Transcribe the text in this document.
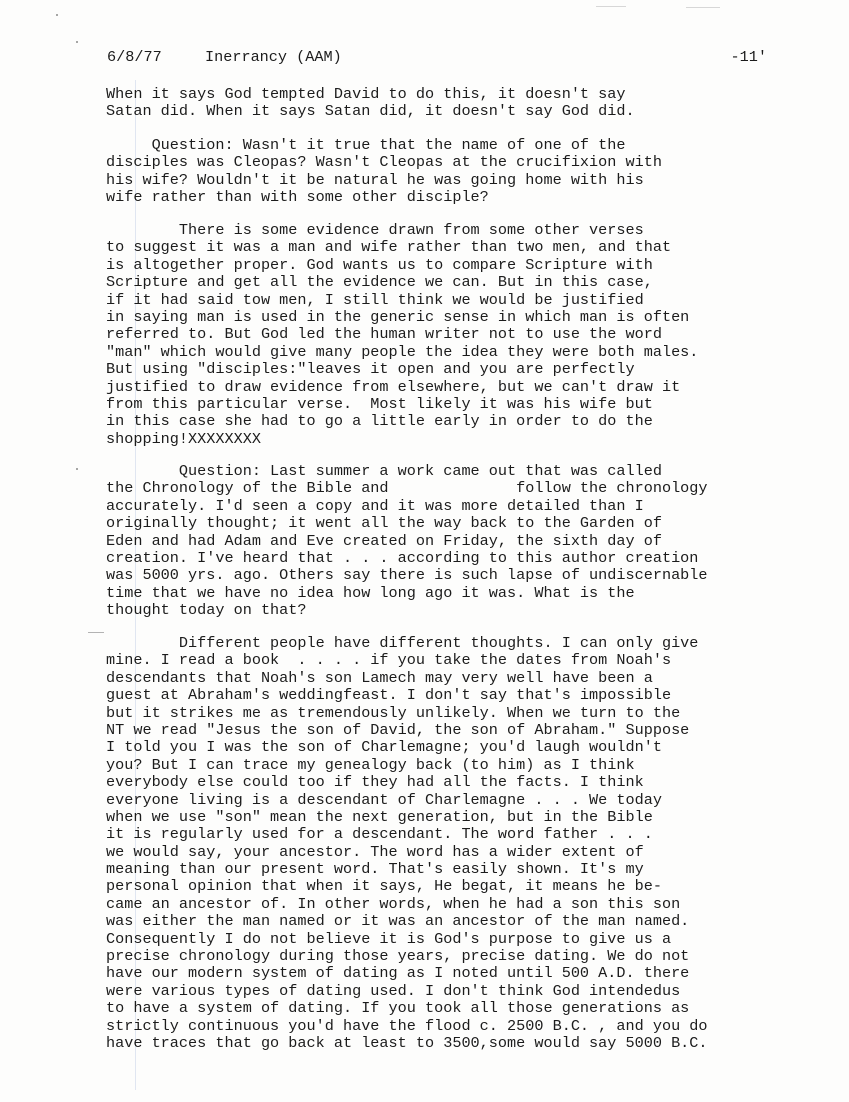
6/8/77	Inerrancy (AAM)	-11'
When it says God tempted David to do this, it doesn't say
Satan did. When it says Satan did, it doesn't say God did.
Question: Wasn't it true that the name of one of the
disciples was Cleopas? Wasn't Cleopas at the crucifixion with
his wife? Wouldn't it be natural he was going home with his
wife rather than with some other disciple?
There is some evidence drawn from some other verses
to suggest it was a man and wife rather than two men, and that
is altogether proper. God wants us to compare Scripture with
Scripture and get all the evidence we can. But in this case,
if it had said tow men, I still think we would be justified
in saying man is used in the generic sense in which man is often
referred to. But God led the human writer not to use the word
"man" which would give many people the idea they were both males.
But using "disciples:"leaves it open and you are perfectly
justified to draw evidence from elsewhere, but we can't draw it
from this particular verse.  Most likely it was his wife but
in this case she had to go a little early in order to do the
shopping!XXXXXXXX
Question: Last summer a work came out that was called
the Chronology of the Bible and              follow the chronology
accurately. I'd seen a copy and it was more detailed than I
originally thought; it went all the way back to the Garden of
Eden and had Adam and Eve created on Friday, the sixth day of
creation. I've heard that . . . according to this author creation
was 5000 yrs. ago. Others say there is such lapse of undiscernable
time that we have no idea how long ago it was. What is the
thought today on that?
Different people have different thoughts. I can only give
mine. I read a book  . . . . if you take the dates from Noah's
descendants that Noah's son Lamech may very well have been a
guest at Abraham's weddingfeast. I don't say that's impossible
but it strikes me as tremendously unlikely. When we turn to the
NT we read "Jesus the son of David, the son of Abraham." Suppose
I told you I was the son of Charlemagne; you'd laugh wouldn't
you? But I can trace my genealogy back (to him) as I think
everybody else could too if they had all the facts. I think
everyone living is a descendant of Charlemagne . . . We today
when we use "son" mean the next generation, but in the Bible
it is regularly used for a descendant. The word father . . .
we would say, your ancestor. The word has a wider extent of
meaning than our present word. That's easily shown. It's my
personal opinion that when it says, He begat, it means he be-
came an ancestor of. In other words, when he had a son this son
was either the man named or it was an ancestor of the man named.
Consequently I do not believe it is God's purpose to give us a
precise chronology during those years, precise dating. We do not
have our modern system of dating as I noted until 500 A.D. there
were various types of dating used. I don't think God intendedus
to have a system of dating. If you took all those generations as
strictly continuous you'd have the flood c. 2500 B.C. , and you do
have traces that go back at least to 3500,some would say 5000 B.C.
